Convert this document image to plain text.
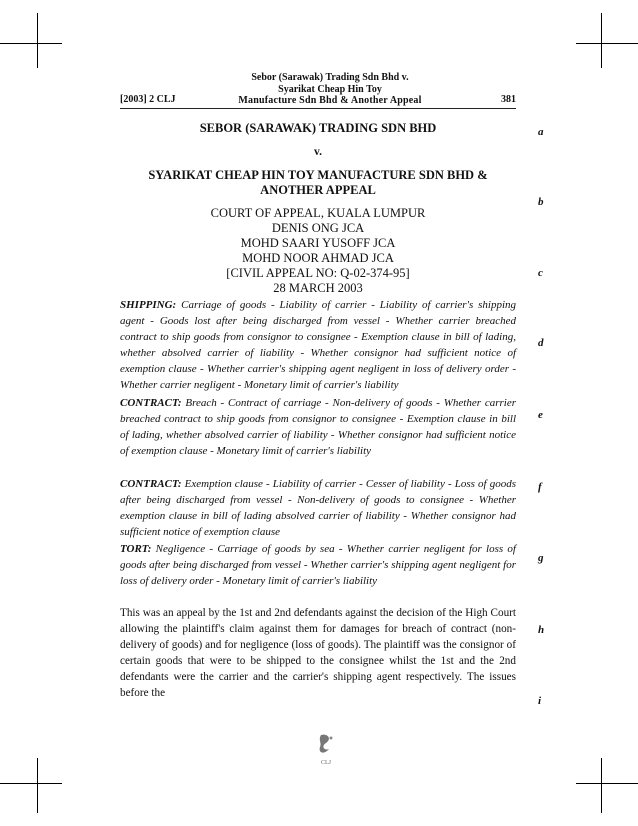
[2003] 2 CLJ
Sebor (Sarawak) Trading Sdn Bhd v.
Syarikat Cheap Hin Toy
Manufacture Sdn Bhd & Another Appeal	381
SEBOR (SARAWAK) TRADING SDN BHD
v.
SYARIKAT CHEAP HIN TOY MANUFACTURE SDN BHD &
ANOTHER APPEAL
COURT OF APPEAL, KUALA LUMPUR
DENIS ONG JCA
MOHD SAARI YUSOFF JCA
MOHD NOOR AHMAD JCA
[CIVIL APPEAL NO: Q-02-374-95]
28 MARCH 2003
SHIPPING: Carriage of goods - Liability of carrier - Liability of carrier's shipping agent - Goods lost after being discharged from vessel - Whether carrier breached contract to ship goods from consignor to consignee - Exemption clause in bill of lading, whether absolved carrier of liability - Whether consignor had sufficient notice of exemption clause - Whether carrier's shipping agent negligent in loss of delivery order - Whether carrier negligent - Monetary limit of carrier's liability
CONTRACT: Breach - Contract of carriage - Non-delivery of goods - Whether carrier breached contract to ship goods from consignor to consignee - Exemption clause in bill of lading, whether absolved carrier of liability - Whether consignor had sufficient notice of exemption clause - Monetary limit of carrier's liability
CONTRACT: Exemption clause - Liability of carrier - Cesser of liability - Loss of goods after being discharged from vessel - Non-delivery of goods to consignee - Whether exemption clause in bill of lading absolved carrier of liability - Whether consignor had sufficient notice of exemption clause
TORT: Negligence - Carriage of goods by sea - Whether carrier negligent for loss of goods after being discharged from vessel - Whether carrier's shipping agent negligent for loss of delivery order - Monetary limit of carrier's liability
This was an appeal by the 1st and 2nd defendants against the decision of the High Court allowing the plaintiff's claim against them for damages for breach of contract (non-delivery of goods) and for negligence (loss of goods). The plaintiff was the consignor of certain goods that were to be shipped to the consignee whilst the 1st and the 2nd defendants were the carrier and the carrier's shipping agent respectively. The issues before the
a
b
c
d
e
f
g
h
i
CLJ
